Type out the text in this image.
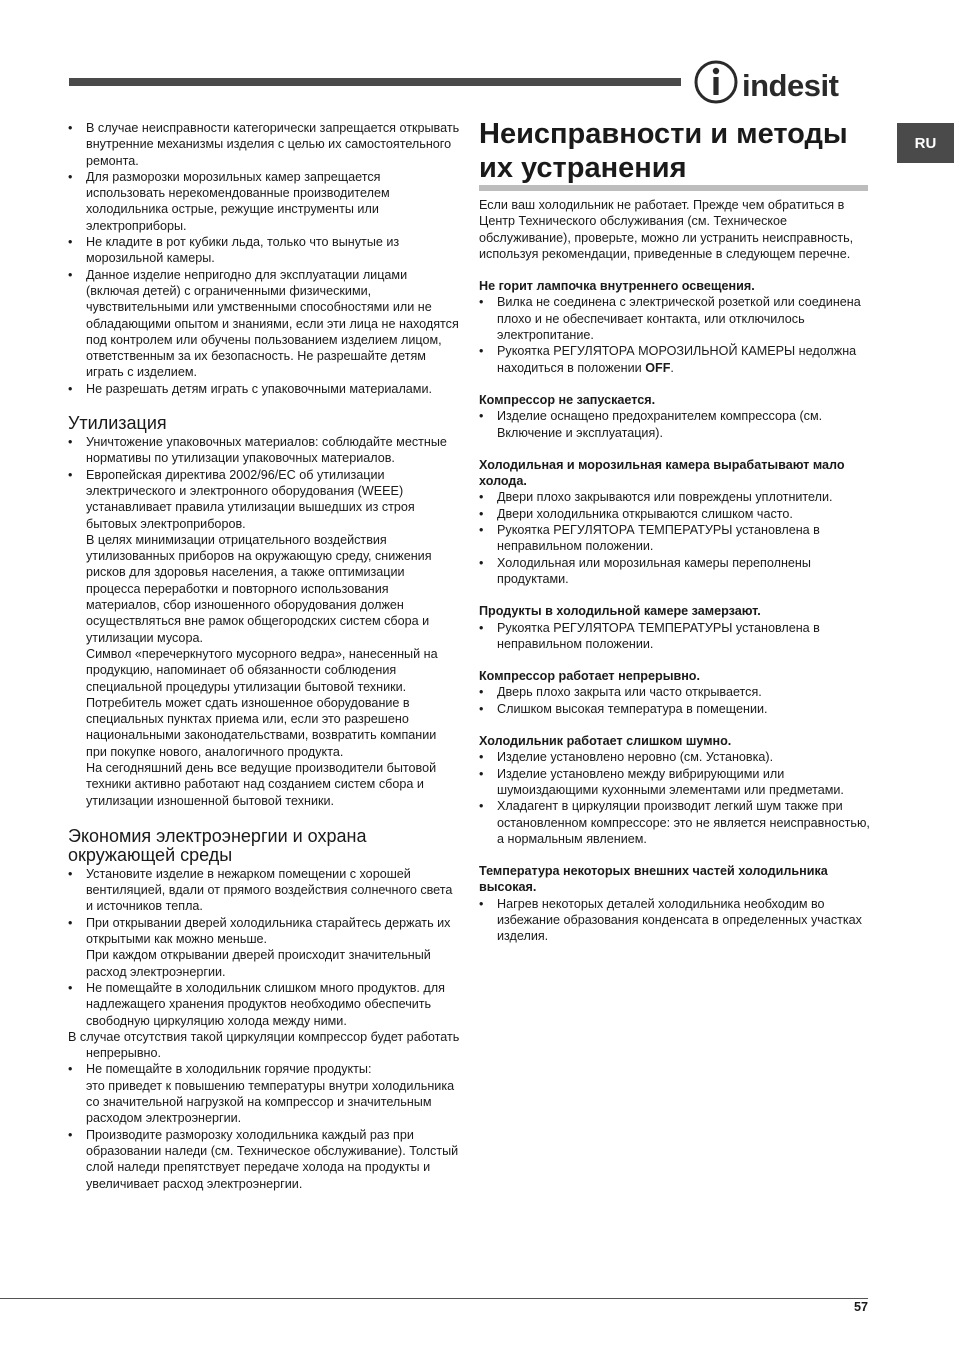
indesit
RU
• В случае неисправности категорически запрещается открывать внутренние механизмы изделия с целью их самостоятельного ремонта.
• Для разморозки морозильных камер запрещается использовать нерекомендованные производителем холодильника острые, режущие инструменты или электроприборы.
• Не кладите в рот кубики льда, только что вынутые из морозильной камеры.
• Данное изделие непригодно для эксплуатации лицами (включая детей) с ограниченными физическими, чувствительными или умственными способностями или не обладающими опытом и знаниями, если эти лица не находятся под контролем или обучены пользованием изделием лицом, ответственным за их безопасность. Не разрешайте детям играть с изделием.
• Не разрешать детям играть с упаковочными материалами.
Утилизация
• Уничтожение упаковочных материалов: соблюдайте местные нормативы по утилизации упаковочных материалов.
• Европейская директива 2002/96/EC об утилизации электрического и электронного оборудования (WEEE) устанавливает правила утилизации вышедших из строя бытовых электроприборов.
В целях минимизации отрицательного воздействия утилизованных приборов на окружающую среду, снижения рисков для здоровья населения, а также оптимизации процесса переработки и повторного использования материалов, сбор изношенного оборудования должен осуществляться вне рамок общегородских систем сбора и утилизации мусора.
Символ «перечеркнутого мусорного ведра», нанесенный на продукцию, напоминает об обязанности соблюдения специальной процедуры утилизации бытовой техники.
Потребитель может сдать изношенное оборудование в специальных пунктах приема или, если это разрешено национальными законодательствами, возвратить компании при покупке нового, аналогичного продукта.
На сегодняшний день все ведущие производители бытовой техники активно работают над созданием систем сбора и утилизации изношенной бытовой техники.
Экономия электроэнергии и охрана окружающей среды
• Установите изделие в нежарком помещении с хорошей вентиляцией, вдали от прямого воздействия солнечного света и источников тепла.
• При открывании дверей холодильника старайтесь держать их открытыми как можно меньше.
При каждом открывании дверей происходит значительный расход электроэнергии.
• Не помещайте в холодильник слишком много продуктов. для надлежащего хранения продуктов необходимо обеспечить свободную циркуляцию холода между ними.

В случае отсутствия такой циркуляции компрессор будет работать непрерывно.

• Не помещайте в холодильник горячие продукты:
это приведет к повышению температуры внутри холодильника со значительной нагрузкой на компрессор и значительным расходом электроэнергии.
• Производите разморозку холодильника каждый раз при образовании наледи (см. Техническое обслуживание). Толстый слой наледи препятствует передаче холода на продукты и увеличивает расход электроэнергии.
Неисправности и методы их устранения

Если ваш холодильник не работает. Прежде чем обратиться в Центр Технического обслуживания (см. Техническое обслуживание), проверьте, можно ли устранить неисправность, используя рекомендации, приведенные в следующем перечне.

Не горит лампочка внутреннего освещения.

• Вилка не соединена с электрической розеткой или соединена плохо и не обеспечивает контакта, или отключилось электропитание.
• Рукоятка РЕГУЛЯТОРА МОРОЗИЛЬНОЙ КАМЕРЫ недолжна находиться в положении OFF.

Компрессор не запускается.

• Изделие оснащено предохранителем компрессора (см. Включение и эксплуатация).

Холодильная и морозильная камера вырабатывают мало холода.

• Двери плохо закрываются или повреждены уплотнители.
• Двери холодильника открываются слишком часто.
• Рукоятка РЕГУЛЯТОРА ТЕМПЕРАТУРЫ установлена в неправильном положении.
• Холодильная или морозильная камеры переполнены продуктами.

Продукты в холодильной камере замерзают.

• Рукоятка РЕГУЛЯТОРА ТЕМПЕРАТУРЫ установлена в неправильном положении.

Компрессор работает непрерывно.

• Дверь плохо закрыта или часто открывается.
• Слишком высокая температура в помещении.

Холодильник работает слишком шумно.

• Изделие установлено неровно (см. Установка).
• Изделие установлено между вибрирующими или шумоиздающими кухонными элементами или предметами.
• Хладагент в циркуляции производит легкий шум также при остановленном компрессоре: это не является неисправностью, а нормальным явлением.

Температура некоторых внешних частей холодильника высокая.

• Нагрев некоторых деталей холодильника необходим во избежание образования конденсата в определенных участках изделия.
57
